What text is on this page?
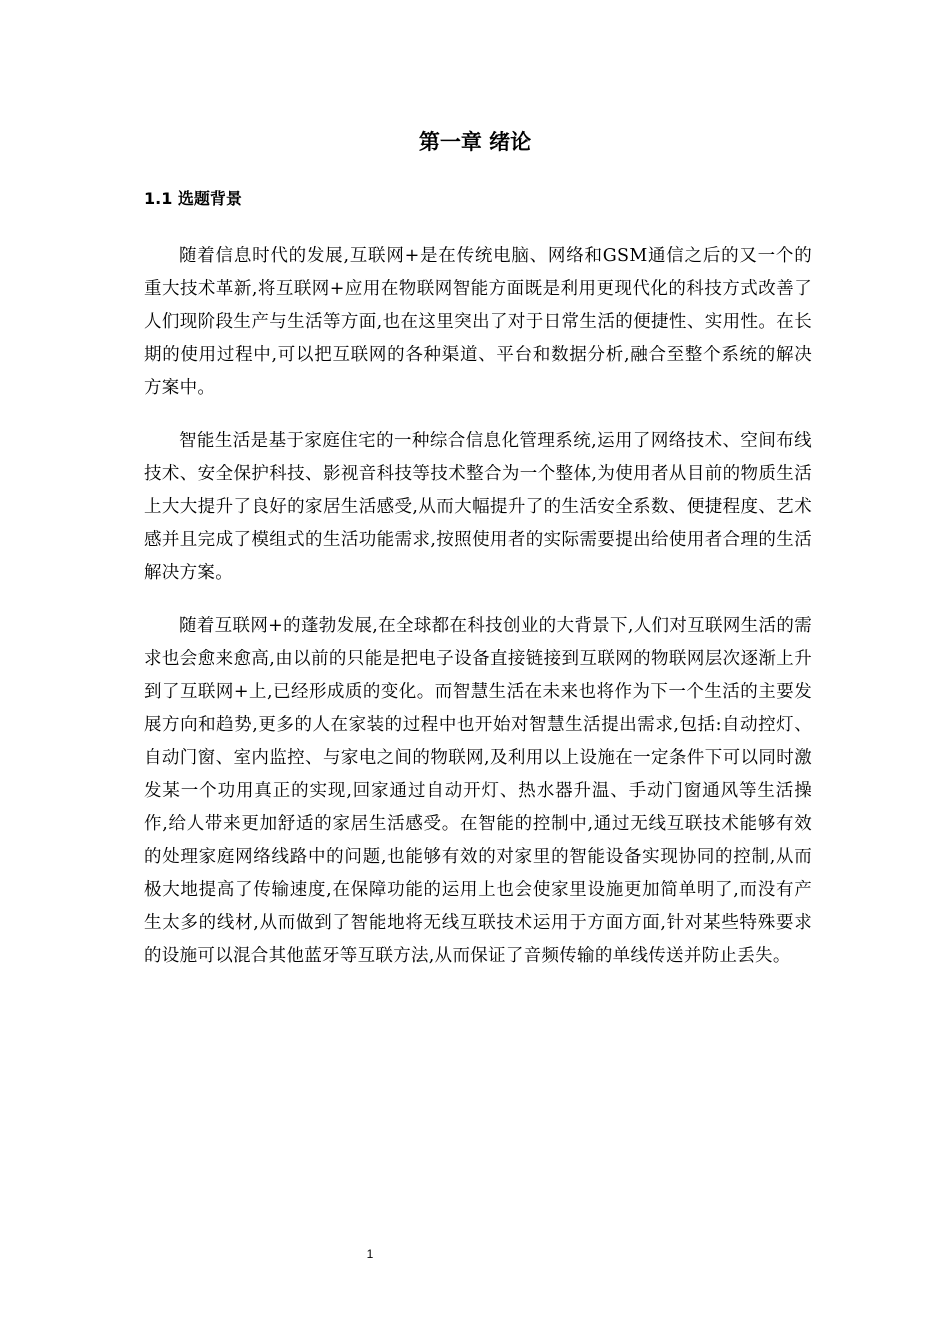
第一章 绪论
1.1 选题背景

随着信息时代的发展,互联网+是在传统电脑、网络和GSM通信之后的又一个的重大技术革新,将互联网+应用在物联网智能方面既是利用更现代化的科技方式改善了人们现阶段生产与生活等方面,也在这里突出了对于日常生活的便捷性、实用性。在长期的使用过程中,可以把互联网的各种渠道、平台和数据分析,融合至整个系统的解决方案中。

智能生活是基于家庭住宅的一种综合信息化管理系统,运用了网络技术、空间布线技术、安全保护科技、影视音科技等技术整合为一个整体,为使用者从目前的物质生活上大大提升了良好的家居生活感受,从而大幅提升了的生活安全系数、便捷程度、艺术感并且完成了模组式的生活功能需求,按照使用者的实际需要提出给使用者合理的生活解决方案。

随着互联网+的蓬勃发展,在全球都在科技创业的大背景下,人们对互联网生活的需求也会愈来愈高,由以前的只能是把电子设备直接链接到互联网的物联网层次逐渐上升到了互联网+上,已经形成质的变化。而智慧生活在未来也将作为下一个生活的主要发展方向和趋势,更多的人在家装的过程中也开始对智慧生活提出需求,包括:自动控灯、自动门窗、室内监控、与家电之间的物联网,及利用以上设施在一定条件下可以同时激发某一个功用真正的实现,回家通过自动开灯、热水器升温、手动门窗通风等生活操作,给人带来更加舒适的家居生活感受。在智能的控制中,通过无线互联技术能够有效的处理家庭网络线路中的问题,也能够有效的对家里的智能设备实现协同的控制,从而极大地提高了传输速度,在保障功能的运用上也会使家里设施更加简单明了,而没有产生太多的线材,从而做到了智能地将无线互联技术运用于方面方面,针对某些特殊要求的设施可以混合其他蓝牙等互联方法,从而保证了音频传输的单线传送并防止丢失。

1
